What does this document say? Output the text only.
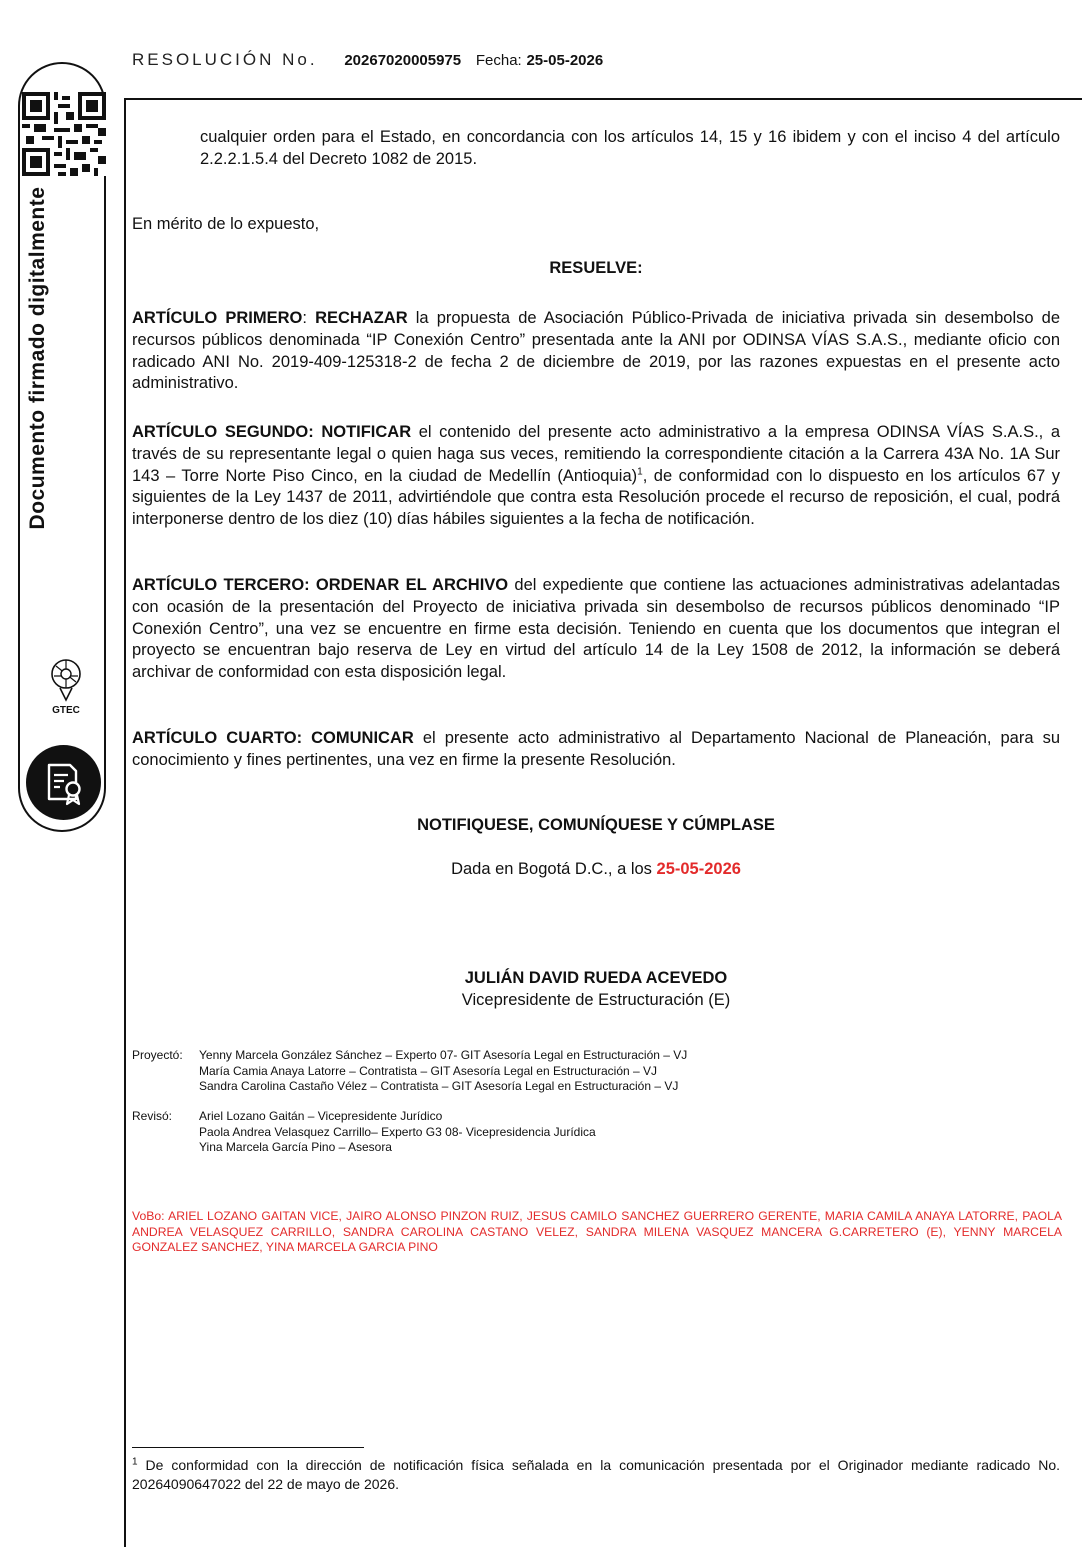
RESOLUCIÓN No. 20267020005975 Fecha: 25-05-2026
Documento firmado digitalmente
GTEC
cualquier orden para el Estado, en concordancia con los artículos 14, 15 y 16 ibidem y con el inciso 4 del artículo 2.2.2.1.5.4 del Decreto 1082 de 2015.
En mérito de lo expuesto,
RESUELVE:
ARTÍCULO PRIMERO: RECHAZAR la propuesta de Asociación Público-Privada de iniciativa privada sin desembolso de recursos públicos denominada “IP Conexión Centro” presentada ante la ANI por ODINSA VÍAS S.A.S., mediante oficio con radicado ANI No. 2019-409-125318-2 de fecha 2 de diciembre de 2019, por las razones expuestas en el presente acto administrativo.
ARTÍCULO SEGUNDO: NOTIFICAR el contenido del presente acto administrativo a la empresa ODINSA VÍAS S.A.S., a través de su representante legal o quien haga sus veces, remitiendo la correspondiente citación a la Carrera 43A No. 1A Sur 143 – Torre Norte Piso Cinco, en la ciudad de Medellín (Antioquia)$^1$, de conformidad con lo dispuesto en los artículos 67 y siguientes de la Ley 1437 de 2011, advirtiéndole que contra esta Resolución procede el recurso de reposición, el cual, podrá interponerse dentro de los diez (10) días hábiles siguientes a la fecha de notificación.
ARTÍCULO TERCERO: ORDENAR EL ARCHIVO del expediente que contiene las actuaciones administrativas adelantadas con ocasión de la presentación del Proyecto de iniciativa privada sin desembolso de recursos públicos denominado “IP Conexión Centro”, una vez se encuentre en firme esta decisión. Teniendo en cuenta que los documentos que integran el proyecto se encuentran bajo reserva de Ley en virtud del artículo 14 de la Ley 1508 de 2012, la información se deberá archivar de conformidad con esta disposición legal.
ARTÍCULO CUARTO: COMUNICAR el presente acto administrativo al Departamento Nacional de Planeación, para su conocimiento y fines pertinentes, una vez en firme la presente Resolución.
NOTIFIQUESE, COMUNÍQUESE Y CÚMPLASE
Dada en Bogotá D.C., a los 25-05-2026
JULIÁN DAVID RUEDA ACEVEDO
Vicepresidente de Estructuración (E)
Proyectó: Yenny Marcela González Sánchez – Experto 07- GIT Asesoría Legal en Estructuración – VJ
María Camia Anaya Latorre – Contratista – GIT Asesoría Legal en Estructuración – VJ
Sandra Carolina Castaño Vélez – Contratista – GIT Asesoría Legal en Estructuración – VJ
Revisó: Ariel Lozano Gaitán – Vicepresidente Jurídico
Paola Andrea Velasquez Carrillo– Experto G3 08- Vicepresidencia Jurídica
Yina Marcela García Pino – Asesora
VoBo: ARIEL LOZANO GAITAN VICE, JAIRO ALONSO PINZON RUIZ, JESUS CAMILO SANCHEZ GUERRERO GERENTE, MARIA CAMILA ANAYA LATORRE, PAOLA ANDREA VELASQUEZ CARRILLO, SANDRA CAROLINA CASTANO VELEZ, SANDRA MILENA VASQUEZ MANCERA G.CARRETERO (E), YENNY MARCELA GONZALEZ SANCHEZ, YINA MARCELA GARCIA PINO
$^1$ De conformidad con la dirección de notificación física señalada en la comunicación presentada por el Originador mediante radicado No. 20264090647022 del 22 de mayo de 2026.
